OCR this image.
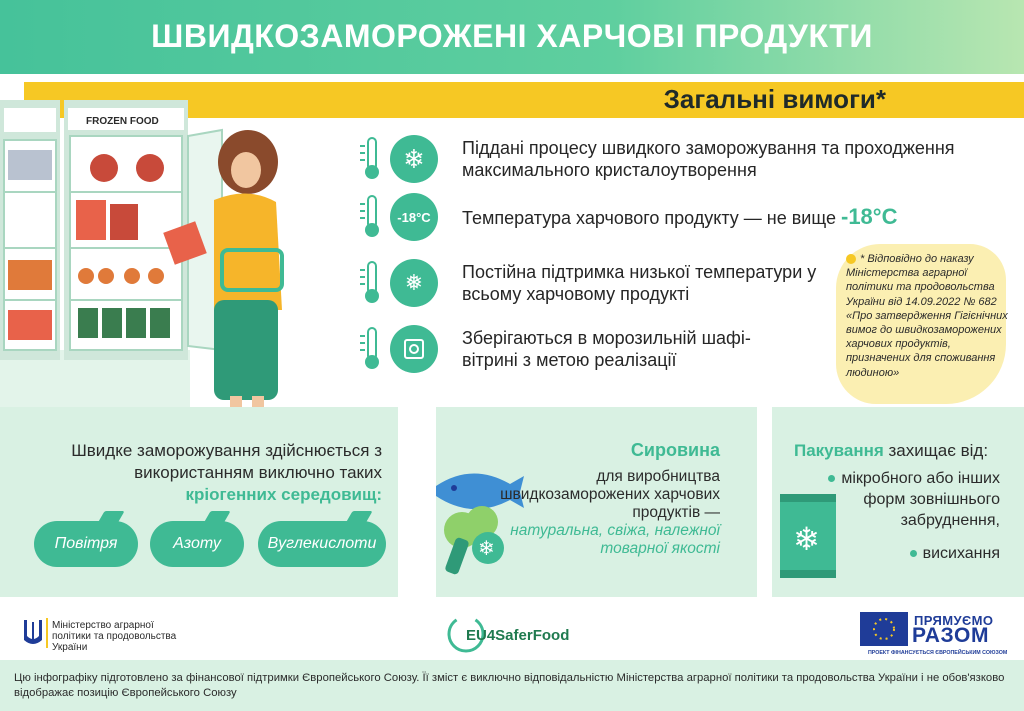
ШВИДКОЗАМОРОЖЕНІ ХАРЧОВІ ПРОДУКТИ
Загальні вимоги*
FROZEN FOOD
❄ Піддані процесу швидкого заморожування та проходження максимального кристалоутворення
-18°C Температура харчового продукту — не вище -18°C
❅ Постійна підтримка низької температури у всьому харчовому продукті
Зберігаються в морозильній шафі-вітрині з метою реалізації
* Відповідно до наказу Міністерства аграрної політики та продовольства України від 14.09.2022 № 682 «Про затвердження Гігієнічних вимог до швидкозаморожених харчових продуктів, призначених для споживання людиною»
Швидке заморожування здійснюється з використанням виключно таких
кріогенних середовищ:
Повітря	Азоту	Вуглекислоти	❄
Сировина
для виробництва швидкозаморожених харчових продуктів —
натуральна, свіжа, належної товарної якості ❄
Пакування захищає від:
мікробного або інших форм зовнішнього забруднення,
висихання
Міністерство аграрної політики та продовольства України
EU4SaferFood
ПРЯМУЄМО
РАЗОМ
ПРОЕКТ ФІНАНСУЄТЬСЯ ЄВРОПЕЙСЬКИМ СОЮЗОМ
Цю інфографіку підготовлено за фінансової підтримки Європейського Союзу. Її зміст є виключно відповідальністю Міністерства аграрної політики та продовольства України і не обов'язково відображає позицію Європейського Союзу
